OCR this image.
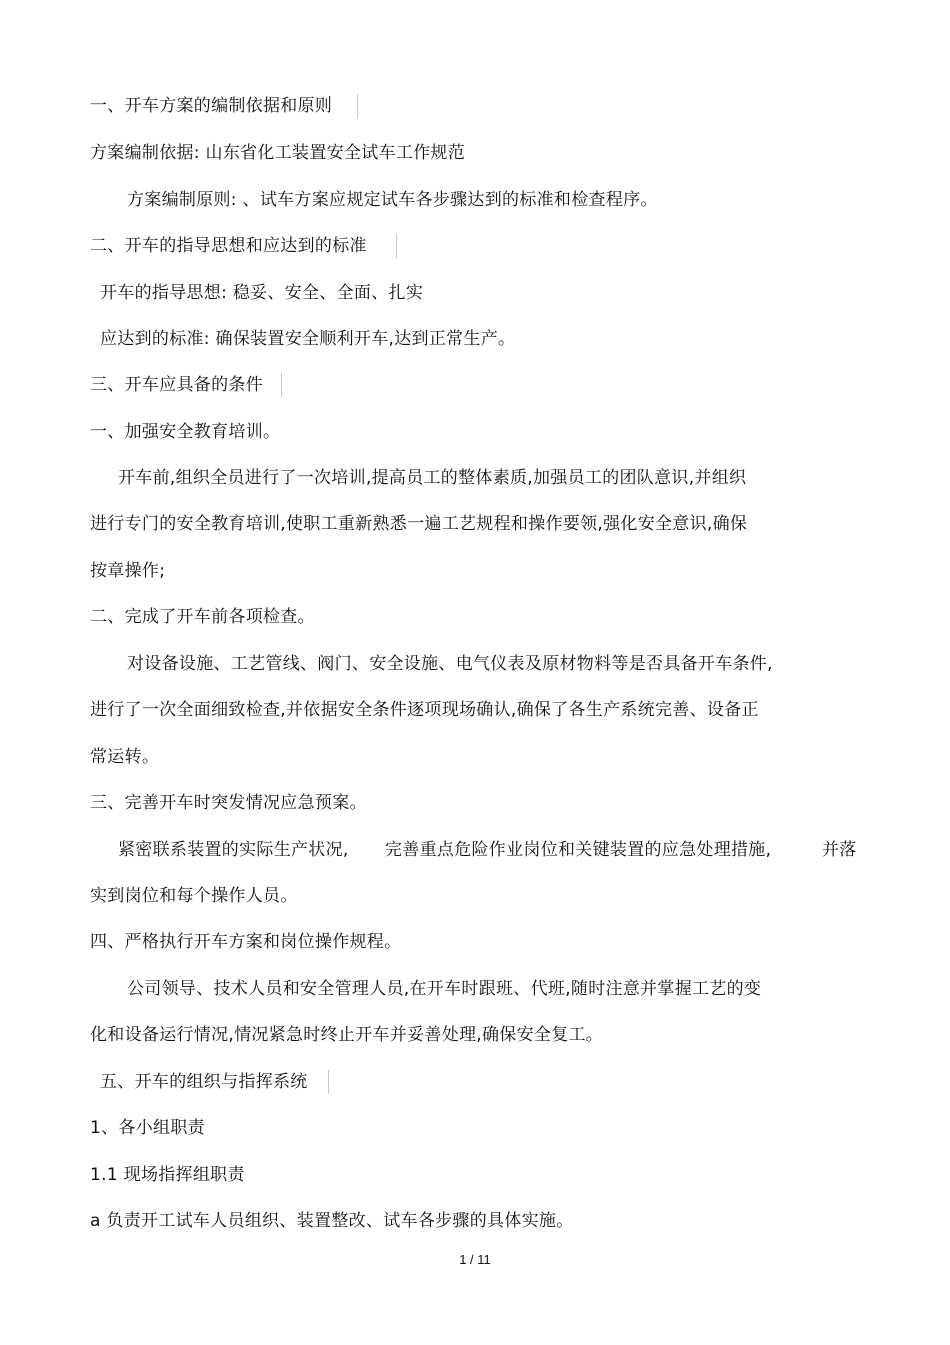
一、开车方案的编制依据和原则
方案编制依据: 山东省化工装置安全试车工作规范
方案编制原则: 、试车方案应规定试车各步骤达到的标准和检查程序。
二、开车的指导思想和应达到的标准
开车的指导思想: 稳妥、安全、全面、扎实
应达到的标准: 确保装置安全顺利开车,达到正常生产。
三、开车应具备的条件
一、加强安全教育培训。
开车前,组织全员进行了一次培训,提高员工的整体素质,加强员工的团队意识,并组织
进行专门的安全教育培训,使职工重新熟悉一遍工艺规程和操作要领,强化安全意识,确保
按章操作;
二、完成了开车前各项检查。
对设备设施、工艺管线、阀门、安全设施、电气仪表及原材物料等是否具备开车条件,
进行了一次全面细致检查,并依据安全条件逐项现场确认,确保了各生产系统完善、设备正
常运转。
三、完善开车时突发情况应急预案。
紧密联系装置的实际生产状况, 完善重点危险作业岗位和关键装置的应急处理措施,	并落
实到岗位和每个操作人员。
四、严格执行开车方案和岗位操作规程。
公司领导、技术人员和安全管理人员,在开车时跟班、代班,随时注意并掌握工艺的变
化和设备运行情况,情况紧急时终止开车并妥善处理,确保安全复工。
五、开车的组织与指挥系统
1、各小组职责
1.1 现场指挥组职责
a 负责开工试车人员组织、装置整改、试车各步骤的具体实施。
1 / 11
